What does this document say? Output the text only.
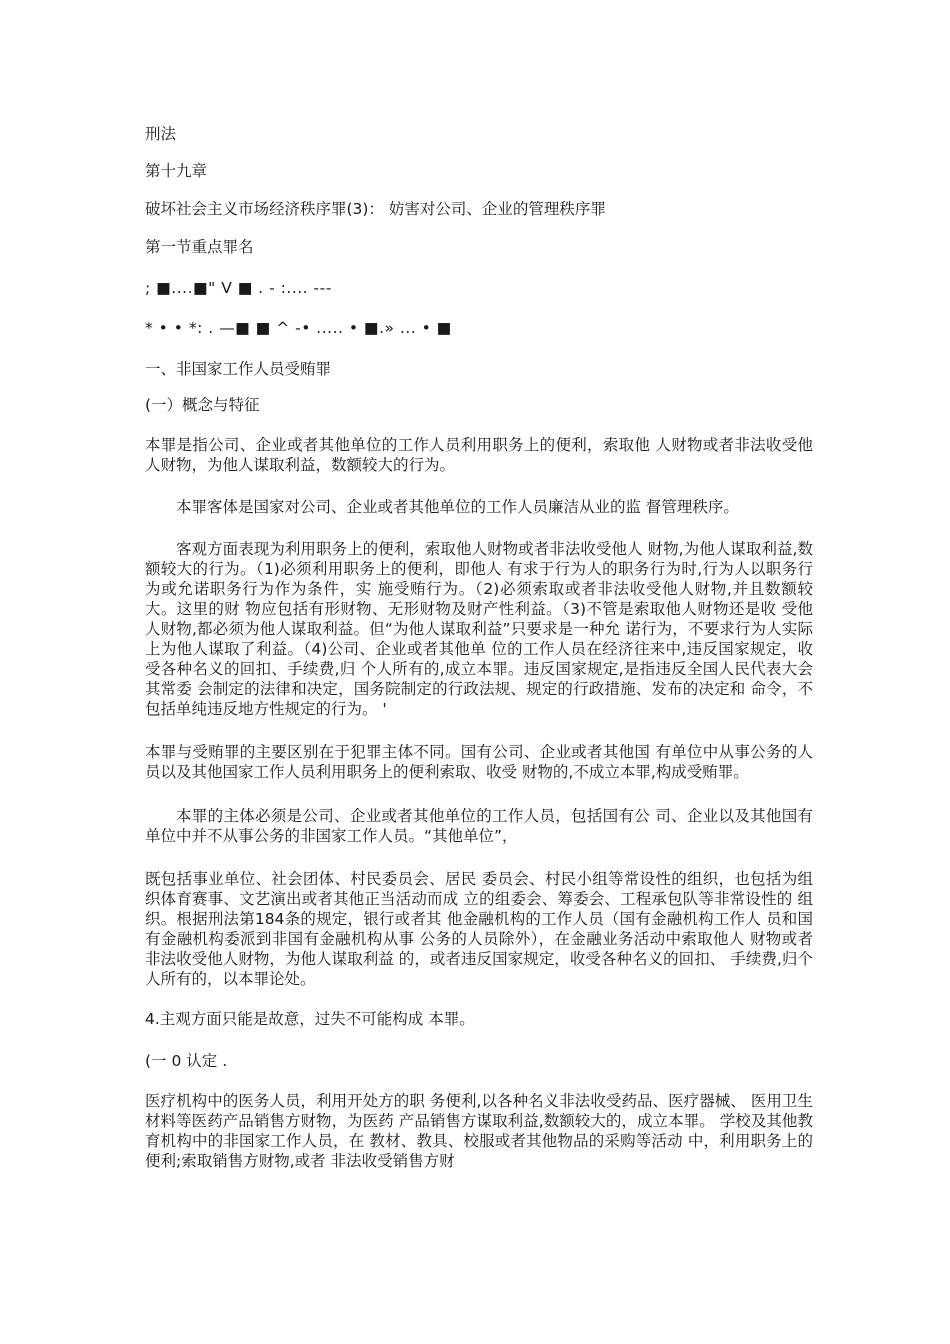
刑法

第十九章

破坏社会主义市场经济秩序罪(3)： 妨害对公司、企业的管理秩序罪

第一节重点罪名

; ■....■" V ■ . - :.... ---

* • • *: . —■ ■ ^ -• ..... • ■.» ... • ■

一、非国家工作人员受贿罪

(一）概念与特征

本罪是指公司、企业或者其他单位的工作人员利用职务上的便利，索取他 人财物或者非法收受他人财物，为他人谋取利益，数额较大的行为。

本罪客体是国家对公司、企业或者其他单位的工作人员廉洁从业的监 督管理秩序。

客观方面表现为利用职务上的便利，索取他人财物或者非法收受他人 财物,为他人谋取利益,数额较大的行为。（1)必须利用职务上的便利，即他人 有求于行为人的职务行为时,行为人以职务行为或允诺职务行为作为条件，实 施受贿行为。（2)必须索取或者非法收受他人财物,并且数额较大。这里的财 物应包括有形财物、无形财物及财产性利益。（3)不管是索取他人财物还是收 受他人财物,都必须为他人谋取利益。但“为他人谋取利益”只要求是一种允 诺行为，不要求行为人实际上为他人谋取了利益。（4)公司、企业或者其他单 位的工作人员在经济往来中,违反国家规定，收受各种名义的回扣、手续费,归 个人所有的,成立本罪。违反国家规定,是指违反全国人民代表大会其常委 会制定的法律和决定，国务院制定的行政法规、规定的行政措施、发布的决定和 命令，不包括单纯违反地方性规定的行为。 '

本罪与受贿罪的主要区别在于犯罪主体不同。国有公司、企业或者其他国 有单位中从事公务的人员以及其他国家工作人员利用职务上的便利索取、收受 财物的,不成立本罪,构成受贿罪。

本罪的主体必须是公司、企业或者其他单位的工作人员，包括国有公 司、企业以及其他国有单位中并不从事公务的非国家工作人员。“其他单位”，

既包括事业单位、社会团体、村民委员会、居民 委员会、村民小组等常设性的组织，也包括为组 织体育赛事、文艺演出或者其他正当活动而成 立的组委会、筹委会、工程承包队等非常设性的 组织。根据刑法第184条的规定，银行或者其 他金融机构的工作人员（国有金融机构工作人 员和国有金融机构委派到非国有金融机构从事 公务的人员除外），在金融业务活动中索取他人 财物或者非法收受他人财物，为他人谋取利益 的，或者违反国家规定，收受各种名义的回扣、 手续费,归个人所有的，以本罪论处。

4.主观方面只能是故意，过失不可能构成 本罪。

(一 0 认定 .

医疗机构中的医务人员，利用开处方的职 务便利,以各种名义非法收受药品、医疗器械、 医用卫生材料等医药产品销售方财物，为医药 产品销售方谋取利益,数额较大的，成立本罪。 学校及其他教育机构中的非国家工作人员，在 教材、教具、校服或者其他物品的采购等活动 中，利用职务上的便利;索取销售方财物,或者 非法收受销售方财
